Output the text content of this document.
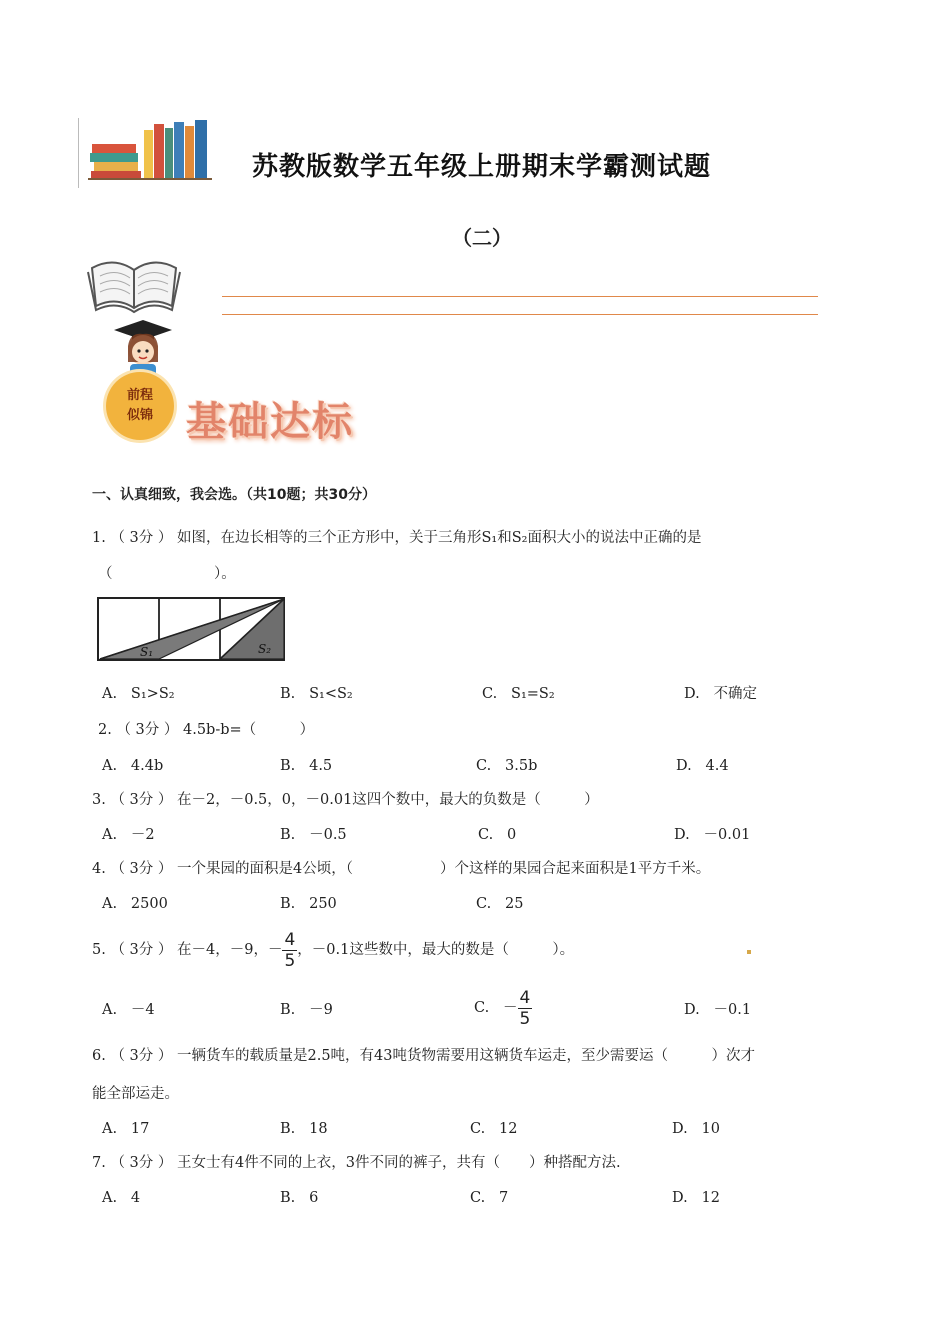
苏教版数学五年级上册期末学霸测试题
（二）
前程
似锦 基础达标
一、认真细致，我会选。（共10题；共30分）
1. （ 3分 ） 如图，在边长相等的三个正方形中，关于三角形S₁和S₂面积大小的说法中正确的是
（　　　　　　　）。
S₁	S₂
A. S₁>S₂	B. S₁<S₂	C. S₁=S₂	D. 不确定
2. （ 3分 ） 4.5b-b=（　　　）
A. 4.4b	B. 4.5	C. 3.5b	D. 4.4
3. （ 3分 ） 在－2，－0.5，0，－0.01这四个数中，最大的负数是（　　　）
A. －2	B. －0.5	C. 0	D. －0.01
4. （ 3分 ） 一个果园的面积是4公顷，（　　　　　　）个这样的果园合起来面积是1平方千米。
A. 2500	B. 250	C. 25
5. （ 3分 ） 在－4，－9，－ $\frac{4}{5}$ ，－0.1这些数中，最大的数是（　　　）。
A. －4	B. －9	C. － $\frac{4}{5}$	D. －0.1
6. （ 3分 ） 一辆货车的载质量是2.5吨，有43吨货物需要用这辆货车运走，至少需要运（　　　）次才
能全部运走。
A. 17	B. 18	C. 12	D. 10
7. （ 3分 ） 王女士有4件不同的上衣，3件不同的裤子，共有（　　）种搭配方法.
A. 4	B. 6	C. 7	D. 12
